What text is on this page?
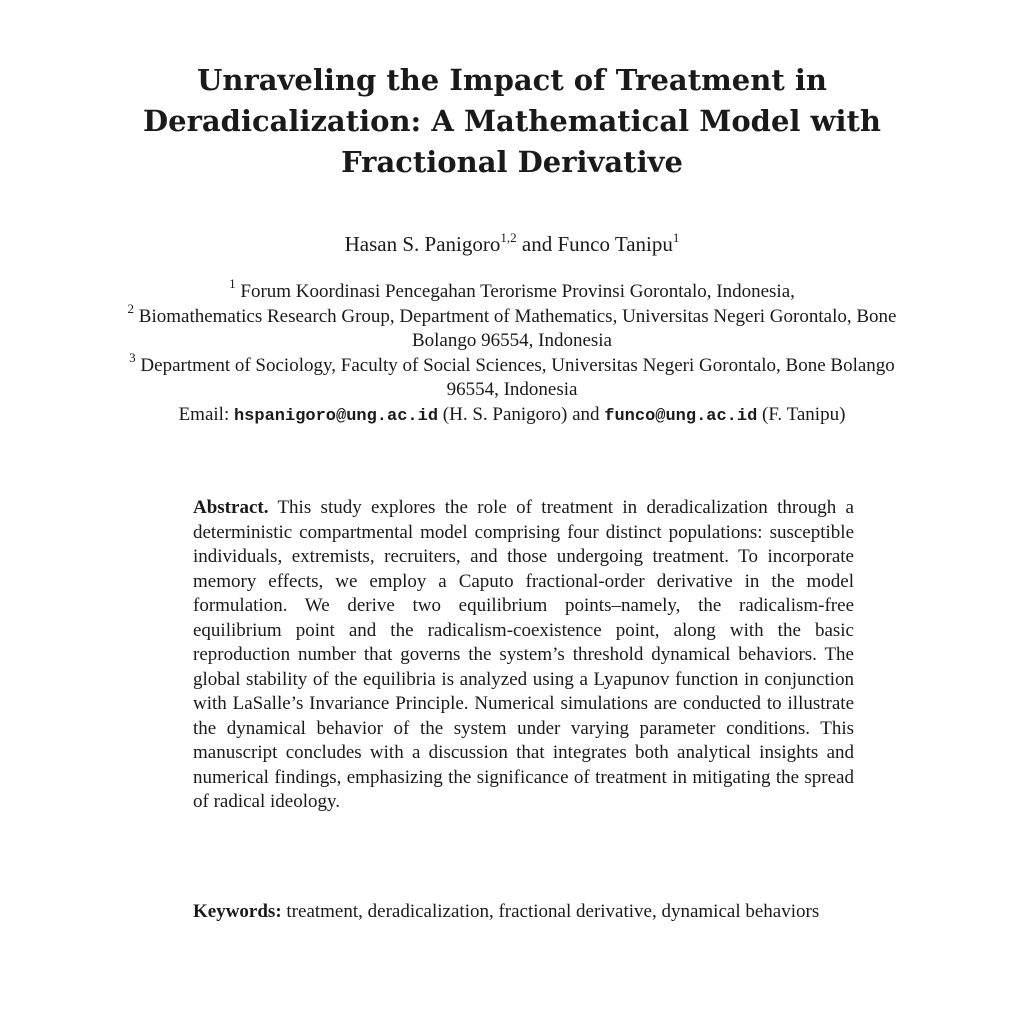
Unraveling the Impact of Treatment in
Deradicalization: A Mathematical Model with
Fractional Derivative
Hasan S. Panigoro$^{1,2}$ and Funco Tanipu$^1$
$^1$ Forum Koordinasi Pencegahan Terorisme Provinsi Gorontalo, Indonesia,
$^2$ Biomathematics Research Group, Department of Mathematics, Universitas Negeri Gorontalo, Bone Bolango 96554, Indonesia
$^3$ Department of Sociology, Faculty of Social Sciences, Universitas Negeri Gorontalo, Bone Bolango 96554, Indonesia
Email: hspanigoro@ung.ac.id (H. S. Panigoro) and funco@ung.ac.id (F. Tanipu)

Abstract. This study explores the role of treatment in deradicalization through a deterministic compartmental model comprising four distinct populations: susceptible individuals, extremists, recruiters, and those undergoing treatment. To incorporate memory effects, we employ a Caputo fractional-order derivative in the model formulation. We derive two equilibrium points–namely, the radicalism-free equilibrium point and the radicalism-coexistence point, along with the basic reproduction number that governs the system’s threshold dynamical behaviors. The global stability of the equilibria is analyzed using a Lyapunov function in conjunction with LaSalle’s Invariance Principle. Numerical simulations are conducted to illustrate the dynamical behavior of the system under varying parameter conditions. This manuscript concludes with a discussion that integrates both analytical insights and numerical findings, emphasizing the significance of treatment in mitigating the spread of radical ideology.

Keywords: treatment, deradicalization, fractional derivative, dynamical behaviors
